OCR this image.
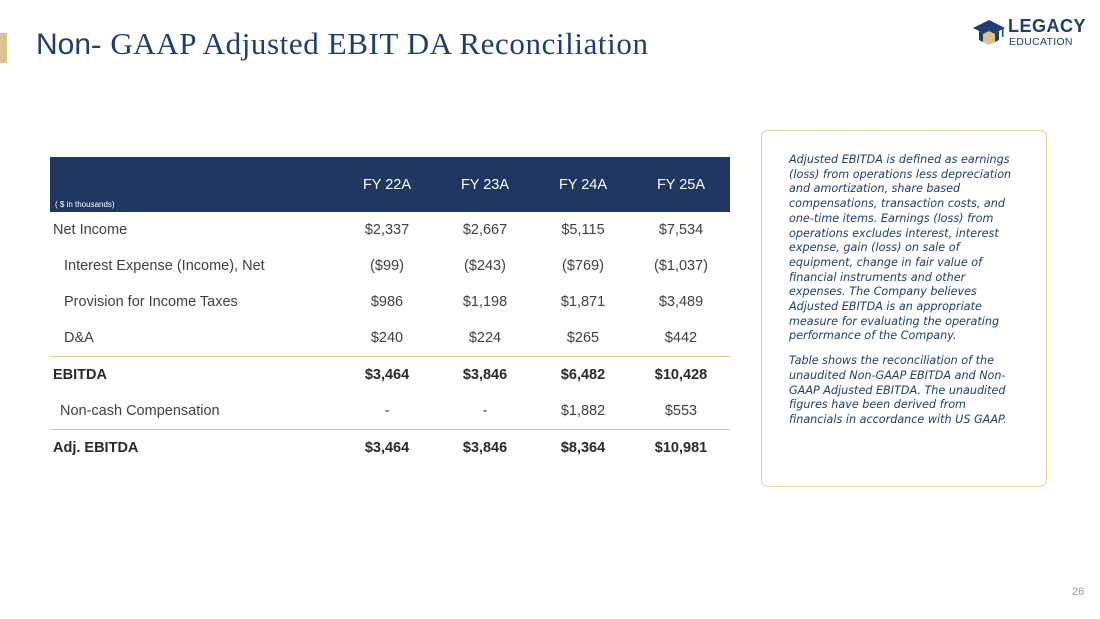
Non- GAAP Adjusted EBIT DA Reconciliation	LEGACY
EDUCATION
( $ in thousands)	FY 22A	FY 23A	FY 24A	FY 25A
Net Income	$2,337	$2,667	$5,115	$7,534
Interest Expense (Income), Net	($99)	($243)	($769)	($1,037)
Provision for Income Taxes	$986	$1,198	$1,871	$3,489
D&A	$240	$224	$265	$442
EBITDA	$3,464	$3,846	$6,482	$10,428
Non-cash Compensation	-	-	$1,882	$553
Adj. EBITDA	$3,464	$3,846	$8,364	$10,981

Adjusted EBITDA is defined as earnings (loss) from operations less depreciation and amortization, share based compensations, transaction costs, and one-time items. Earnings (loss) from operations excludes interest, interest expense, gain (loss) on sale of equipment, change in fair value of financial instruments and other expenses. The Company believes Adjusted EBITDA is an appropriate measure for evaluating the operating performance of the Company.

Table shows the reconciliation of the unaudited Non-GAAP EBITDA and Non-GAAP Adjusted EBITDA. The unaudited figures have been derived from financials in accordance with US GAAP.

26
